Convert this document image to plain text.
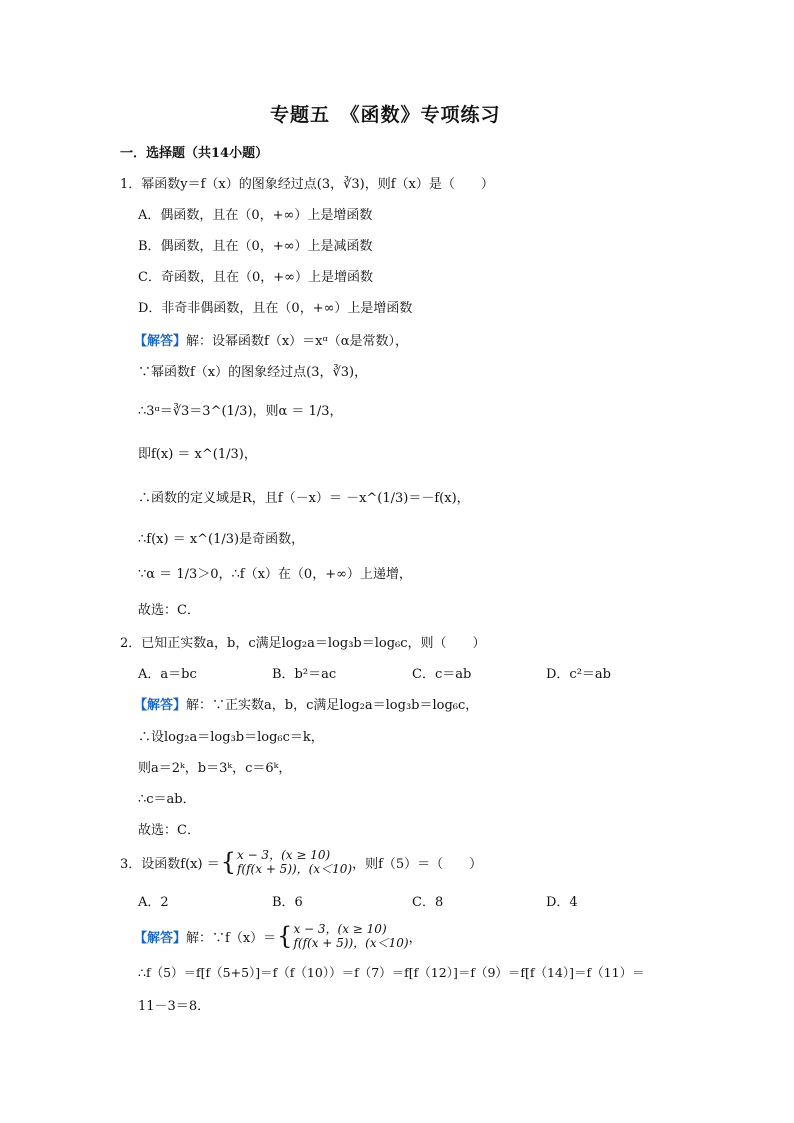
专题五　《函数》专项练习
一．选择题（共14小题）
1．幂函数y＝f（x）的图象经过点(3，∛3)，则f（x）是（　　）
A．偶函数，且在（0，+∞）上是增函数
B．偶函数，且在（0，+∞）上是减函数
C．奇函数，且在（0，+∞）上是增函数
D．非奇非偶函数，且在（0，+∞）上是增函数
【解答】解：设幂函数f（x）＝xᵅ（α是常数），
∵幂函数f（x）的图象经过点(3，∛3)，
∴3ᵅ＝∛3＝3^(1/3)，则α ＝ 1/3，
即f(x) ＝ x^(1/3)，
∴函数的定义域是R，且f（－x）＝ －x^(1/3)＝－f(x)，
∴f(x) ＝ x^(1/3)是奇函数，
∵α ＝ 1/3＞0，∴f（x）在（0，+∞）上递增，
故选：C．
2．已知正实数a，b，c满足log₂a＝log₃b＝log₆c，则（　　）
A．a＝bc	B．b²＝ac	C．c＝ab	D．c²＝ab
【解答】解：∵正实数a，b，c满足log₂a＝log₃b＝log₆c，
∴设log₂a＝log₃b＝log₆c＝k，
则a＝2ᵏ，b＝3ᵏ，c＝6ᵏ，
∴c＝ab．
故选：C．
3．设函数f(x) ＝ { x − 3，(x ≥ 10)
f(f(x + 5))，(x＜10) ，则f（5）＝（　　）
A．2	B．6	C．8	D．4
【解答】 解：∵f（x）＝ { x − 3，(x ≥ 10)
f(f(x + 5))，(x＜10) ，
∴f（5）＝f[f（5+5）]＝f（f（10））＝f（7）＝f[f（12）]＝f（9）＝f[f（14）]＝f（11）＝
11－3＝8．
